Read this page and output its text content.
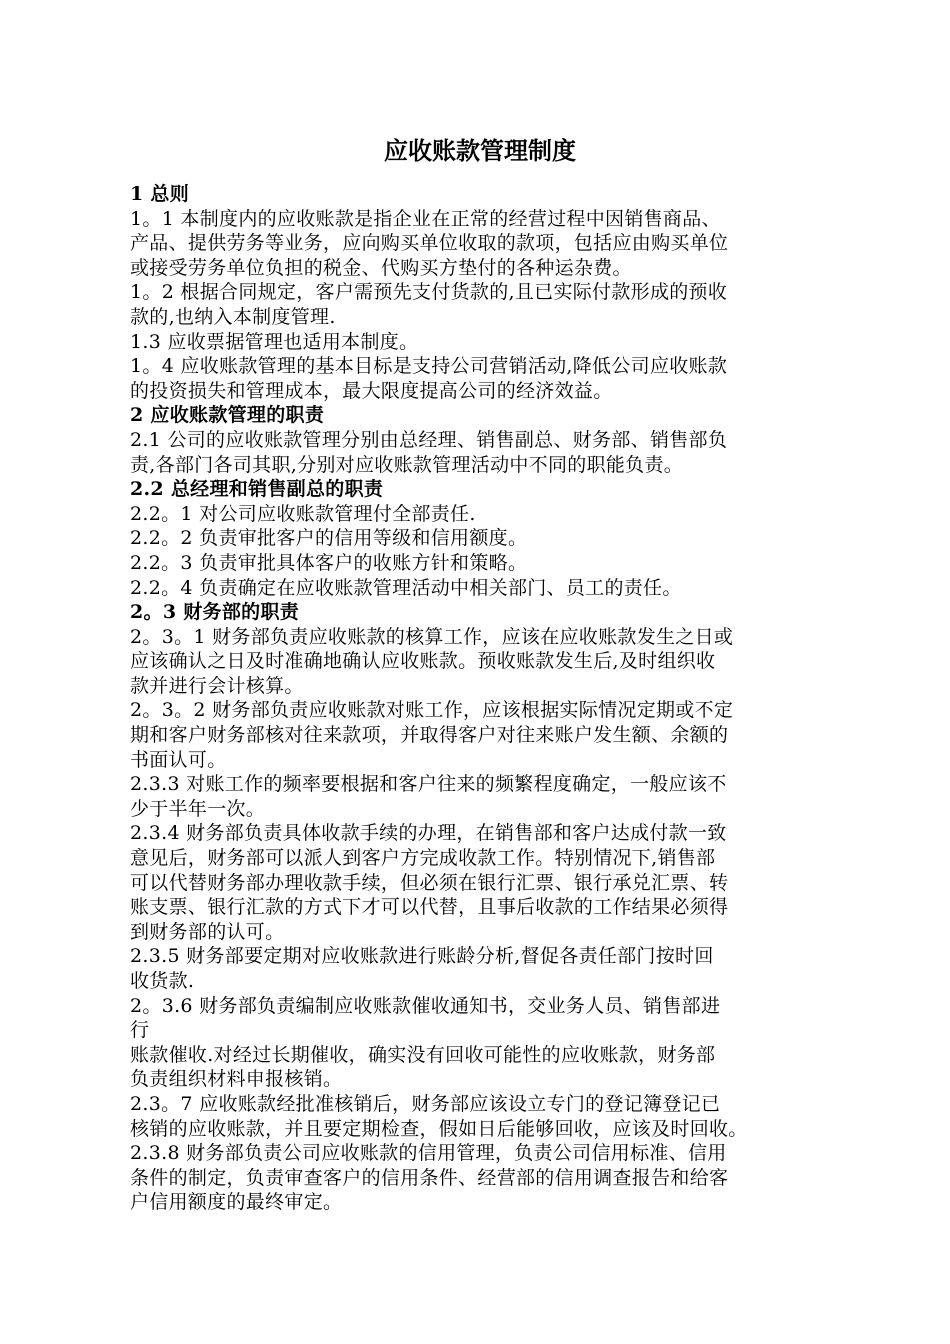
应收账款管理制度
1 总则
1。1 本制度内的应收账款是指企业在正常的经营过程中因销售商品、
产品、提供劳务等业务，应向购买单位收取的款项，包括应由购买单位
或接受劳务单位负担的税金、代购买方垫付的各种运杂费。
1。2 根据合同规定，客户需预先支付货款的,且已实际付款形成的预收
款的,也纳入本制度管理.
1.3 应收票据管理也适用本制度。
1。4 应收账款管理的基本目标是支持公司营销活动,降低公司应收账款
的投资损失和管理成本，最大限度提高公司的经济效益。
2 应收账款管理的职责
2.1 公司的应收账款管理分别由总经理、销售副总、财务部、销售部负
责,各部门各司其职,分别对应收账款管理活动中不同的职能负责。
2.2 总经理和销售副总的职责
2.2。1 对公司应收账款管理付全部责任.
2.2。2 负责审批客户的信用等级和信用额度。
2.2。3 负责审批具体客户的收账方针和策略。
2.2。4 负责确定在应收账款管理活动中相关部门、员工的责任。
2。3 财务部的职责
2。3。1 财务部负责应收账款的核算工作，应该在应收账款发生之日或
应该确认之日及时准确地确认应收账款。预收账款发生后,及时组织收
款并进行会计核算。
2。3。2 财务部负责应收账款对账工作，应该根据实际情况定期或不定
期和客户财务部核对往来款项，并取得客户对往来账户发生额、余额的
书面认可。
2.3.3 对账工作的频率要根据和客户往来的频繁程度确定，一般应该不
少于半年一次。
2.3.4 财务部负责具体收款手续的办理，在销售部和客户达成付款一致
意见后，财务部可以派人到客户方完成收款工作。特别情况下,销售部
可以代替财务部办理收款手续，但必须在银行汇票、银行承兑汇票、转
账支票、银行汇款的方式下才可以代替，且事后收款的工作结果必须得
到财务部的认可。
2.3.5 财务部要定期对应收账款进行账龄分析,督促各责任部门按时回
收货款.
2。3.6 财务部负责编制应收账款催收通知书，交业务人员、销售部进
行
账款催收.对经过长期催收，确实没有回收可能性的应收账款，财务部
负责组织材料申报核销。
2.3。7 应收账款经批准核销后，财务部应该设立专门的登记簿登记已
核销的应收账款，并且要定期检查，假如日后能够回收，应该及时回收。
2.3.8 财务部负责公司应收账款的信用管理，负责公司信用标准、信用
条件的制定，负责审查客户的信用条件、经营部的信用调查报告和给客
户信用额度的最终审定。
